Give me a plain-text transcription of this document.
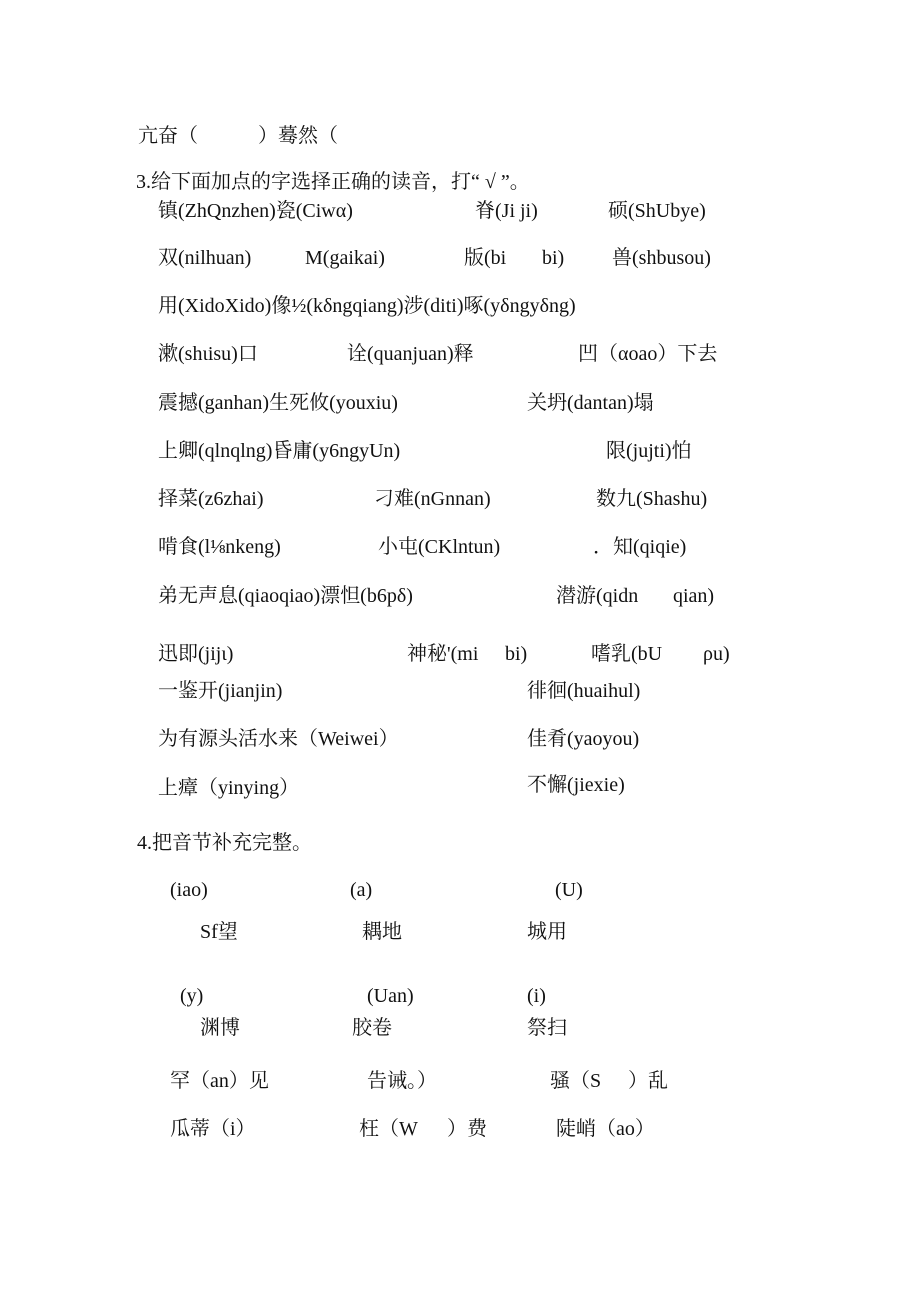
亢奋（	）蓦然（
3.给下面加点的字选择正确的读音，打“ √ ”。
镇(ZhQnzhen)瓷(Ciwα)	脊(Ji ji)	硕(ShUbye)
双(nilhuan)	M(gaikai)	版(bi bi) 兽(shbusou)
用(XidoXido)像½(kδngqiang)涉(diti)啄(yδngyδng)
漱(shιisu)口	诠(quanjuan)释	凹（αoao）下去
震撼(ganhan)生死攸(youxiu)	关坍(dantan)塌
上卿(qlnqlng)昏庸(y6ngyUn)	限(jujti)怕
择菜(z6zhai)	刁难(nGnnan)	数九(Shashu)
啃食(l⅛nkeng)	小屯(CKlntun)	．知(qiqie)
弟无声息(qiaoqiao)漂怛(b6pδ)	潜游(qidn qian)
迅即(jijι)	神秘'(mi bi)	嗜乳(bU ρu)
一鉴开(jianjin)	徘徊(huaihul)
为有源头活水来（Weiwei）	佳肴(yaoyou)
上瘴（yinying）	不懈(jiexie)
4.把音节补充完整。
(iao)	(a)	(U)
Sf望	耦地	城用
(y)	(Uan)	(i)
渊博	胶卷	祭扫
罕（an）见	告诫。）	骚（S ）乱
瓜蒂（i）	枉（W ）费	陡峭（ao）
